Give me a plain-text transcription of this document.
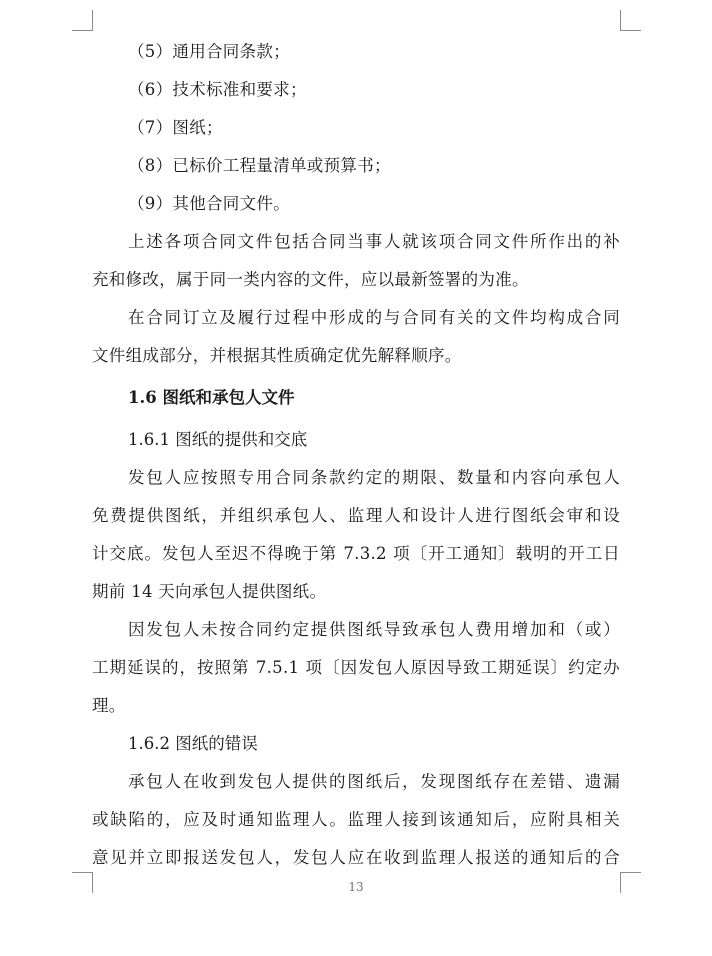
（5）通用合同条款；
（6）技术标准和要求；
（7）图纸；
（8）已标价工程量清单或预算书；
（9）其他合同文件。
上述各项合同文件包括合同当事人就该项合同文件所作出的补
充和修改，属于同一类内容的文件，应以最新签署的为准。
在合同订立及履行过程中形成的与合同有关的文件均构成合同
文件组成部分，并根据其性质确定优先解释顺序。
1.6 图纸和承包人文件
1.6.1 图纸的提供和交底
发包人应按照专用合同条款约定的期限、数量和内容向承包人
免费提供图纸，并组织承包人、监理人和设计人进行图纸会审和设
计交底。发包人至迟不得晚于第 7.3.2 项〔开工通知〕载明的开工日
期前 14 天向承包人提供图纸。
因发包人未按合同约定提供图纸导致承包人费用增加和（或）
工期延误的，按照第 7.5.1 项〔因发包人原因导致工期延误〕约定办
理。
1.6.2 图纸的错误
承包人在收到发包人提供的图纸后，发现图纸存在差错、遗漏
或缺陷的，应及时通知监理人。监理人接到该通知后，应附具相关
意见并立即报送发包人，发包人应在收到监理人报送的通知后的合
13
